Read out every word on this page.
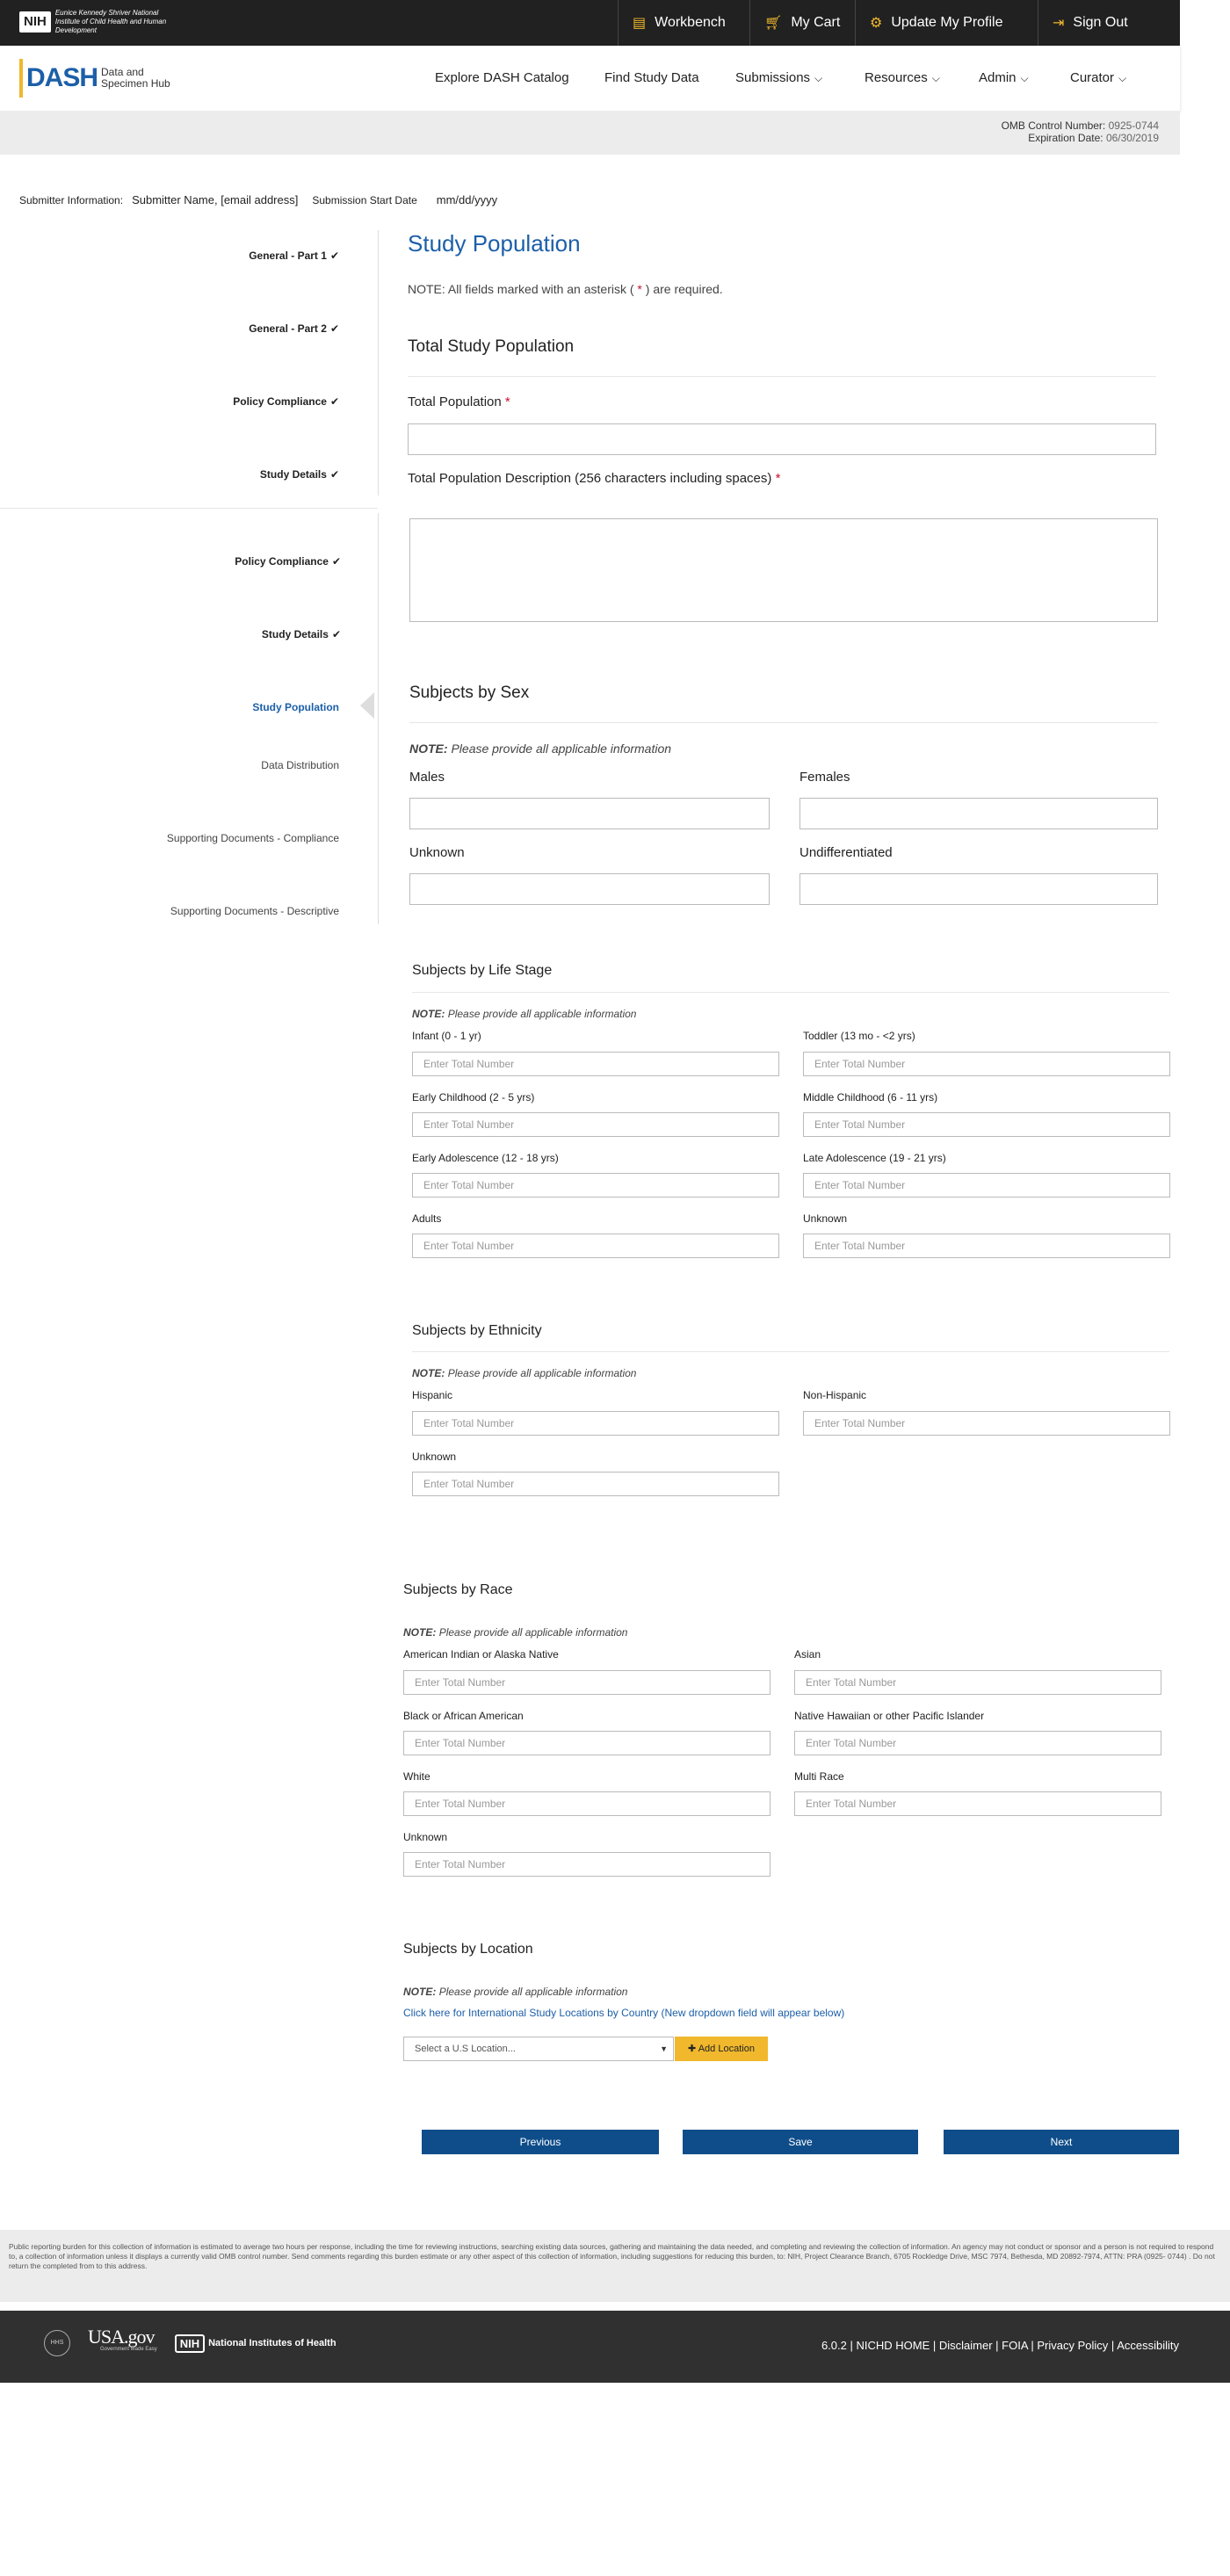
NIH
Eunice Kennedy Shriver National Institute of Child Health and Human Development	▤ Workbench	🛒︎ My Cart ⚙ Update My Profile	⇥ Sign Out
DASH Data and
Specimen Hub	Explore DASH Catalog	Find Study Data	Submissions ⌵	Resources ⌵	Admin ⌵	Curator ⌵
OMB Control Number: 0925-0744
Expiration Date: 06/30/2019
Submitter Information: Submitter Name, [email address] Submission Start Date mm/dd/yyyy
General - Part 1 ✔
General - Part 2 ✔
Policy Compliance ✔
Study Details ✔
Policy Compliance ✔
Study Details ✔
Study Population
Data Distribution
Supporting Documents - Compliance
Supporting Documents - Descriptive
Study Population
NOTE: All fields marked with an asterisk ( * ) are required.
Total Study Population
Total Population *
Total Population Description (256 characters including spaces) *
Subjects by Sex
NOTE: Please provide all applicable information
Males	Females
Unknown	Undifferentiated
Subjects by Life Stage
NOTE: Please provide all applicable information
Infant (0 - 1 yr)	Toddler (13 mo - <2 yrs)
Enter Total Number	Enter Total Number
Early Childhood (2 - 5 yrs)	Middle Childhood (6 - 11 yrs)
Enter Total Number	Enter Total Number
Early Adolescence (12 - 18 yrs)	Late Adolescence (19 - 21 yrs)
Enter Total Number	Enter Total Number
Adults	Unknown
Enter Total Number	Enter Total Number
Subjects by Ethnicity
NOTE: Please provide all applicable information
Hispanic	Non-Hispanic
Enter Total Number	Enter Total Number
Unknown
Enter Total Number
Subjects by Race
NOTE: Please provide all applicable information
American Indian or Alaska Native	Asian
Enter Total Number	Enter Total Number
Black or African American	Native Hawaiian or other Pacific Islander
Enter Total Number	Enter Total Number
White	Multi Race
Enter Total Number	Enter Total Number
Unknown
Enter Total Number
Subjects by Location
NOTE: Please provide all applicable information
Click here for International Study Locations by Country (New dropdown field will appear below)
Select a U.S Location...	▼	✚ Add Location
Previous	Save	Next
Public reporting burden for this collection of information is estimated to average two hours per response, including the time for reviewing instructions, searching existing data sources, gathering and maintaining the data needed, and completing and reviewing the collection of information. An agency may not conduct or sponsor and a person is not required to respond to, a collection of information unless it displays a currently valid OMB control number. Send comments regarding this burden estimate or any other aspect of this collection of information, including suggestions for reducing this burden, to: NIH, Project Clearance Branch, 6705 Rockledge Drive, MSC 7974, Bethesda, MD 20892-7974, ATTN: PRA (0925- 0744) . Do not return the completed from to this address.
HHS	USA.gov
Government Made Easy	NIH National Institutes of Health	6.0.2 | NICHD HOME | Disclaimer | FOIA | Privacy Policy | Accessibility
